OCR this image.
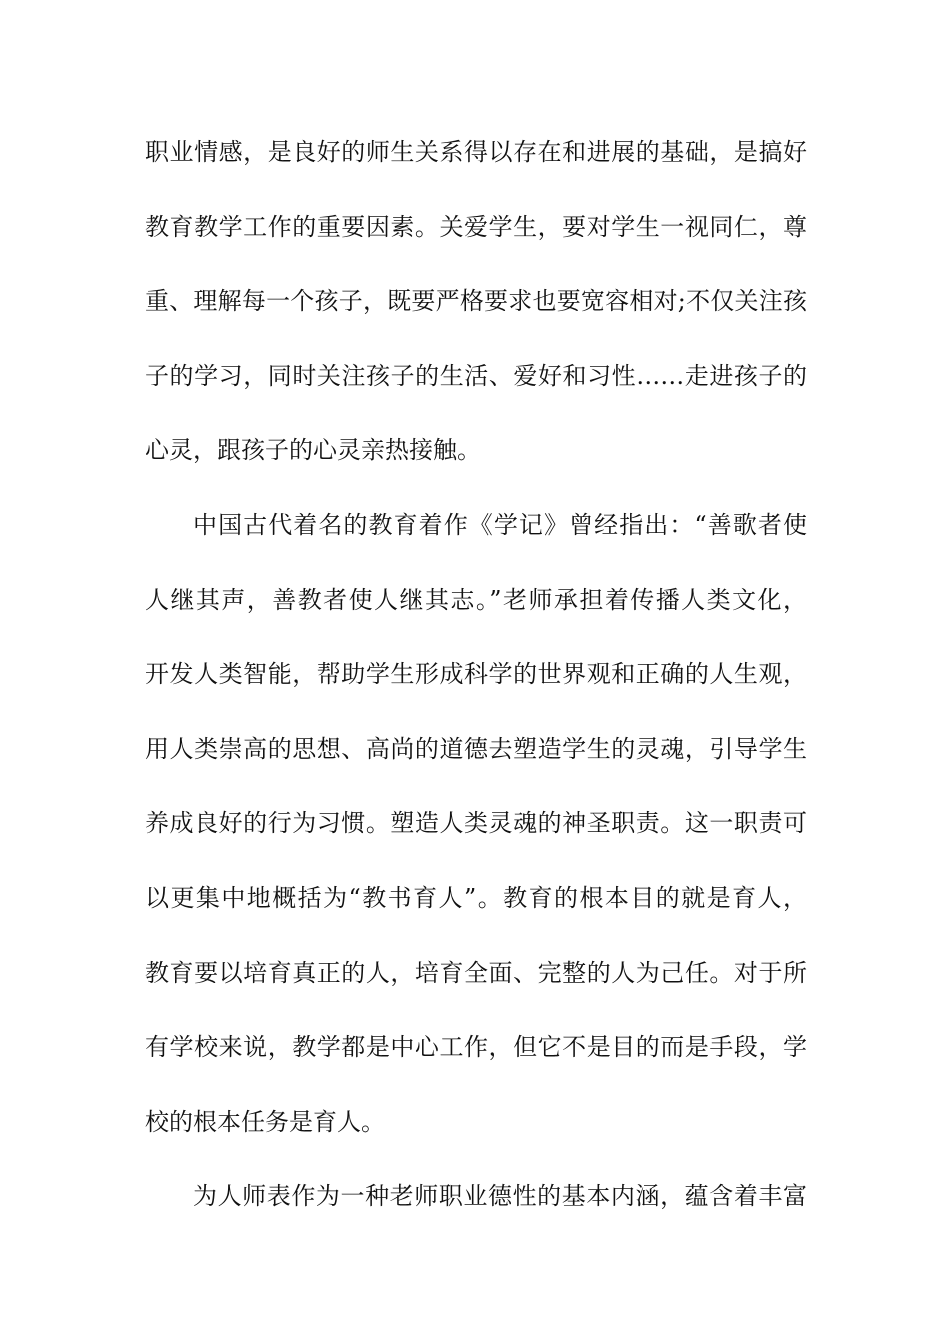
职业情感，是良好的师生关系得以存在和进展的基础，是搞好
教育教学工作的重要因素。关爱学生，要对学生一视同仁，尊
重、理解每一个孩子，既要严格要求也要宽容相对;不仅关注孩
子的学习，同时关注孩子的生活、爱好和习性……走进孩子的
心灵，跟孩子的心灵亲热接触。
中国古代着名的教育着作《学记》曾经指出：“善歌者使
人继其声，善教者使人继其志。”老师承担着传播人类文化，
开发人类智能，帮助学生形成科学的世界观和正确的人生观，
用人类崇高的思想、高尚的道德去塑造学生的灵魂，引导学生
养成良好的行为习惯。塑造人类灵魂的神圣职责。这一职责可
以更集中地概括为“教书育人”。教育的根本目的就是育人，
教育要以培育真正的人，培育全面、完整的人为己任。对于所
有学校来说，教学都是中心工作，但它不是目的而是手段，学
校的根本任务是育人。
为人师表作为一种老师职业德性的基本内涵，蕴含着丰富
